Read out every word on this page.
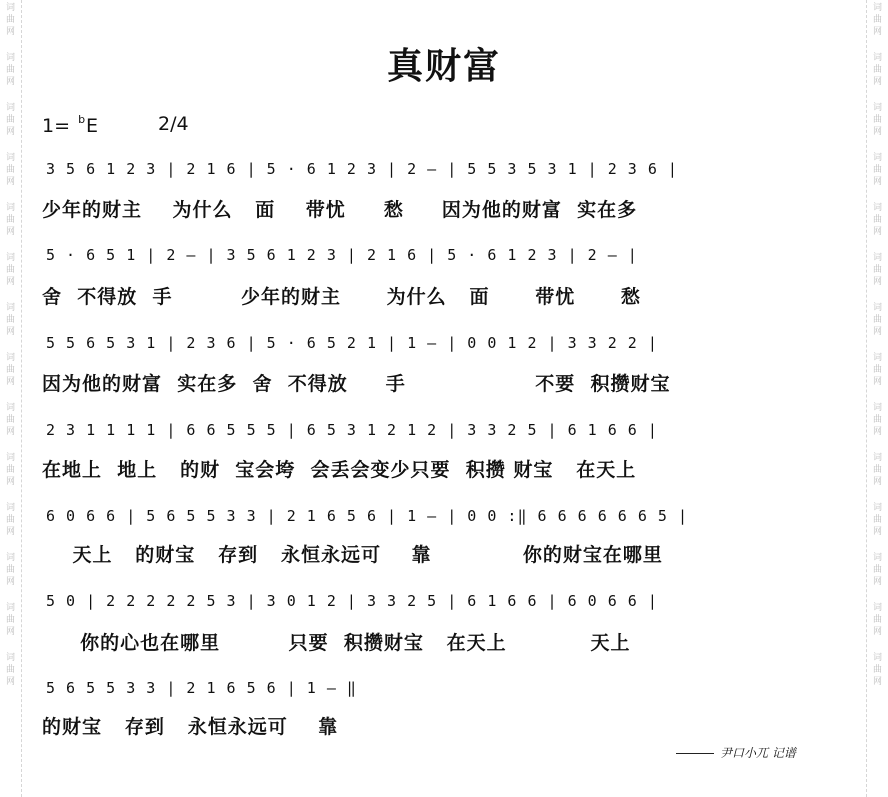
词
曲
网
词
曲
网
词
曲
网
词
曲
网
词
曲
网
词
曲
网
词
曲
网
词
曲
网
词
曲
网
词
曲
网
词
曲
网
词
曲
网
词
曲
网
词
曲
网
词
曲
网
词
曲
网
词
曲
网
词
曲
网
词
曲
网
词
曲
网
词
曲
网
词
曲
网
词
曲
网
词
曲
网
词
曲
网
词
曲
网
词
曲
网
词
曲
网
真财富
1= $^b$E	2/4
3 5 6 1 2 3 | 2 1 6 | 5 · 6 1 2 3 | 2 – | 5 5 3 5 3 1 | 2 3 6 |
少年的财主    为什么   面    带忧     愁     因为他的财富  实在多
5 · 6 5 1 | 2 – | 3 5 6 1 2 3 | 2 1 6 | 5 · 6 1 2 3 | 2 – |
舍  不得放  手         少年的财主      为什么   面      带忧      愁
5 5 6 5 3 1 | 2 3 6 | 5 · 6 5 2 1 | 1 – | 0 0 1 2 | 3 3 2 2 |
因为他的财富  实在多  舍  不得放     手                 不要  积攒财宝
2 3 1 1 1 1 | 6 6 5 5 5 | 6 5 3 1 2 1 2 | 3 3 2 5 | 6 1 6 6 |
在地上  地上   的财  宝会垮  会丢会变少只要  积攒 财宝   在天上
6 0 6 6 | 5 6 5 5 3 3 | 2 1 6 5 6 | 1 – | 0 0 :‖ 6 6 6 6 6 6 5 |
天上   的财宝   存到   永恒永远可    靠            你的财宝在哪里
5 0 | 2 2 2 2 2 5 3 | 3 0 1 2 | 3 3 2 5 | 6 1 6 6 | 6 0 6 6 |
你的心也在哪里         只要  积攒财宝   在天上           天上
5 6 5 5 3 3 | 2 1 6 5 6 | 1 – ‖
的财宝   存到   永恒永远可    靠
尹口小兀 记谱
